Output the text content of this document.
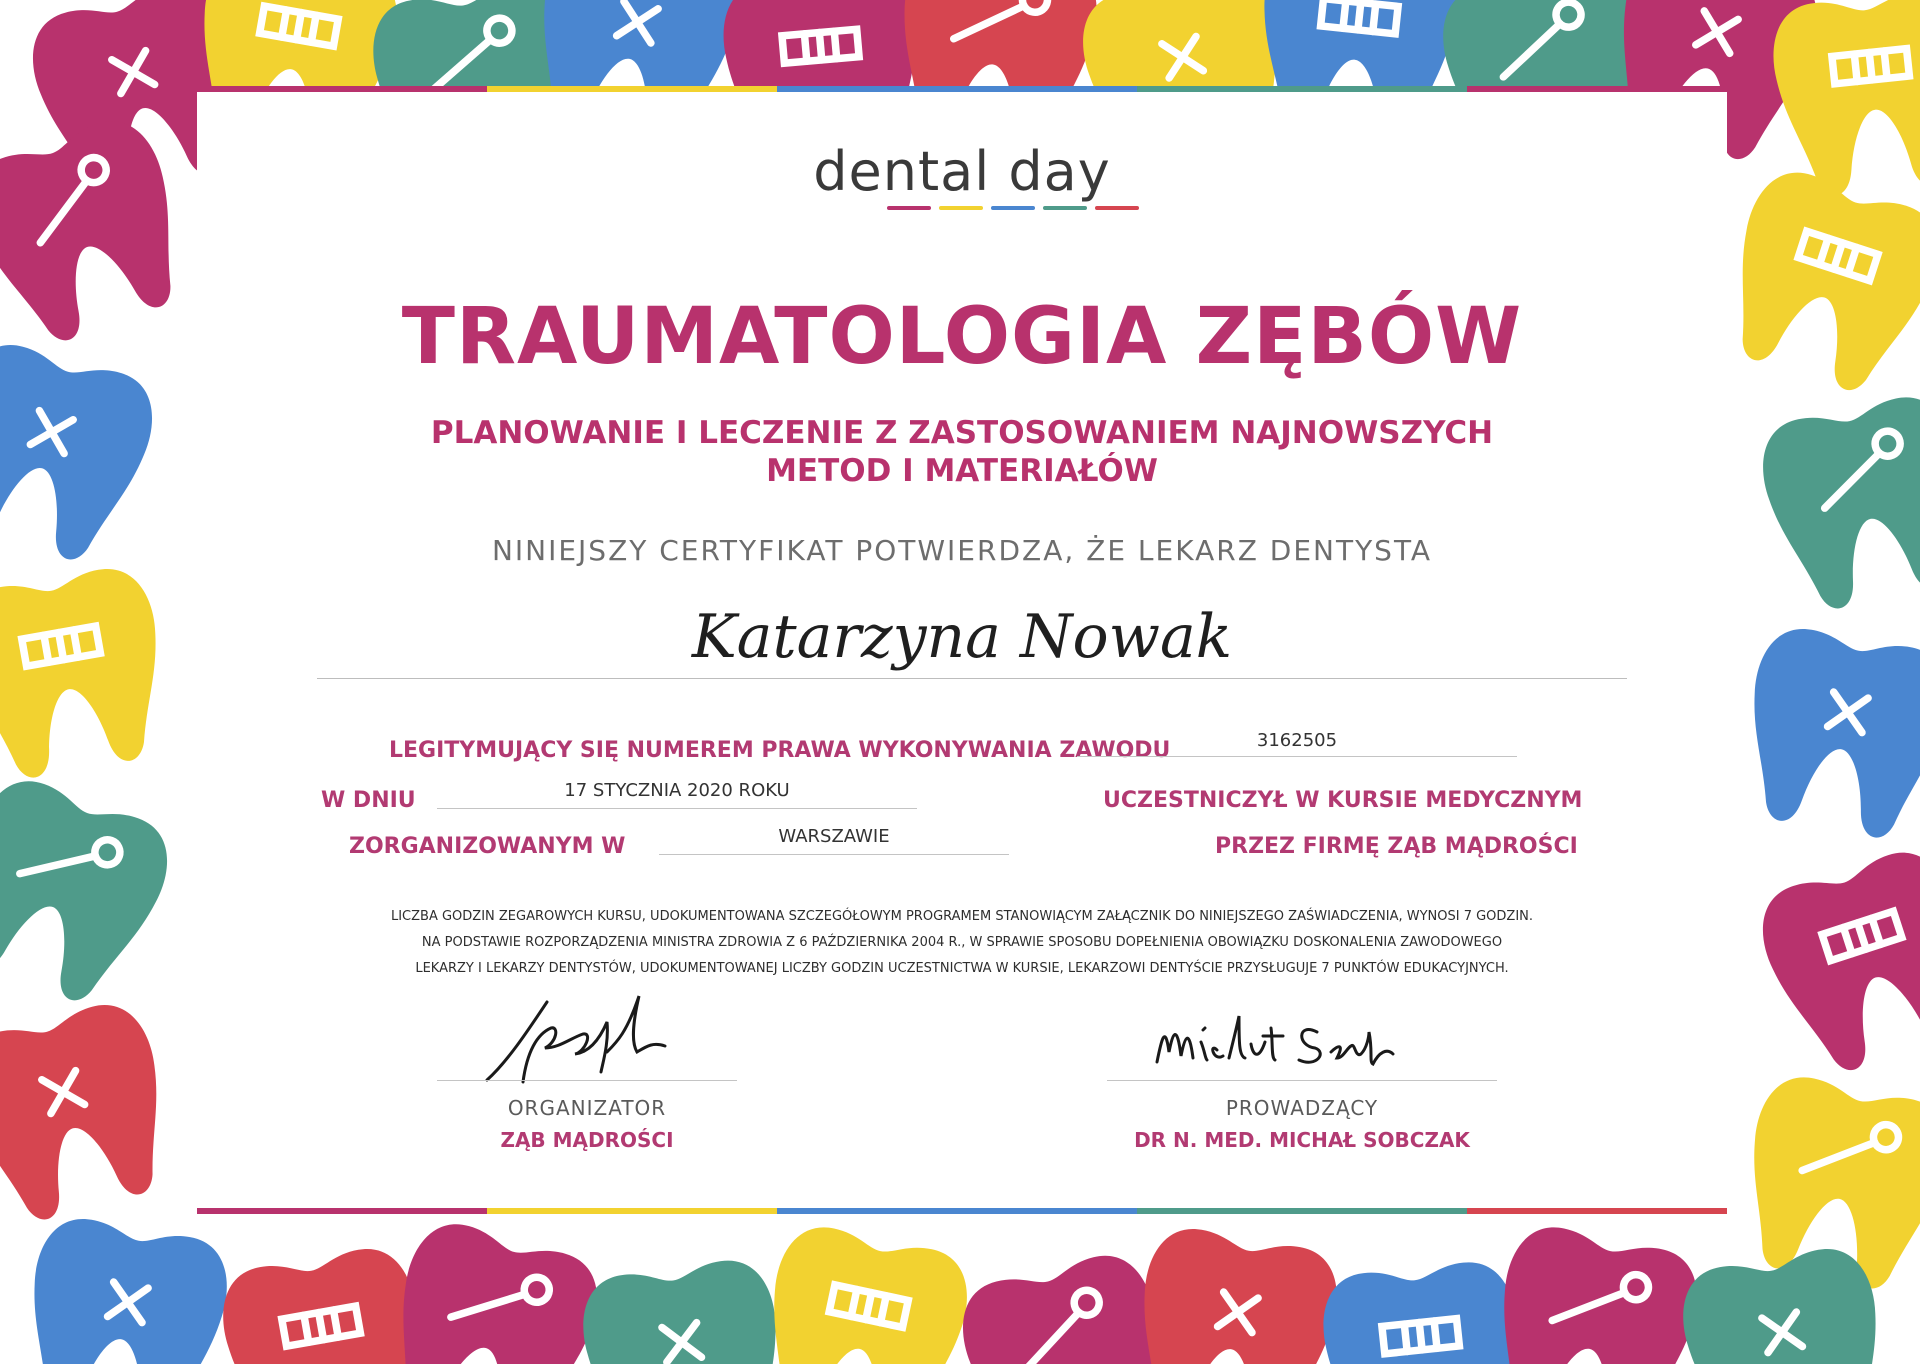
dental day
TRAUMATOLOGIA ZĘBÓW
PLANOWANIE I LECZENIE Z ZASTOSOWANIEM NAJNOWSZYCH
METOD I MATERIAŁÓW
NINIEJSZY CERTYFIKAT POTWIERDZA, ŻE LEKARZ DENTYSTA
Katarzyna Nowak
LEGITYMUJĄCY SIĘ NUMEREM PRAWA WYKONYWANIA ZAWODU	3162505
W DNIU	17 STYCZNIA 2020 ROKU	UCZESTNICZYŁ W KURSIE MEDYCZNYM
ZORGANIZOWANYM W	WARSZAWIE	PRZEZ FIRMĘ ZĄB MĄDROŚCI
LICZBA GODZIN ZEGAROWYCH KURSU, UDOKUMENTOWANA SZCZEGÓŁOWYM PROGRAMEM STANOWIĄCYM ZAŁĄCZNIK DO NINIEJSZEGO ZAŚWIADCZENIA, WYNOSI 7 GODZIN.
NA PODSTAWIE ROZPORZĄDZENIA MINISTRA ZDROWIA Z 6 PAŹDZIERNIKA 2004 R., W SPRAWIE SPOSOBU DOPEŁNIENIA OBOWIĄZKU DOSKONALENIA ZAWODOWEGO
LEKARZY I LEKARZY DENTYSTÓW, UDOKUMENTOWANEJ LICZBY GODZIN UCZESTNICTWA W KURSIE, LEKARZOWI DENTYŚCIE PRZYSŁUGUJE 7 PUNKTÓW EDUKACYJNYCH.
ORGANIZATOR
ZĄB MĄDROŚCI
PROWADZĄCY
DR N. MED. MICHAŁ SOBCZAK
